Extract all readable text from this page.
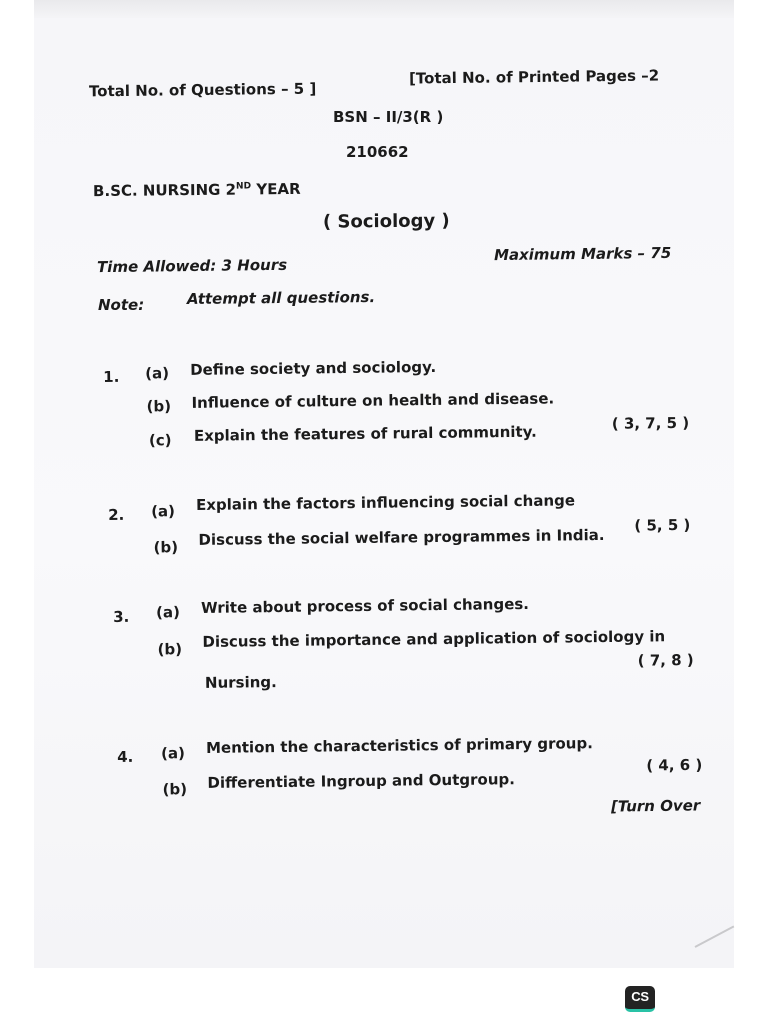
Total No. of Questions – 5 ]
[Total No. of Printed Pages –2
BSN – II/3(R )
210662
B.SC. NURSING 2ND YEAR
( Sociology )
Time Allowed: 3 Hours
Maximum Marks – 75
Note:	Attempt all questions.
1. (a) Define society and sociology.
(b) Influence of culture on health and disease.
(c) Explain the features of rural community.	( 3, 7, 5 )
2. (a) Explain the factors influencing social change
(b) Discuss the social welfare programmes in India.
( 5, 5 )
3. (a) Write about process of social changes.
(b) Discuss the importance and application of sociology in
Nursing.
( 7, 8 )
4. (a) Mention the characteristics of primary group.
(b) Differentiate Ingroup and Outgroup.
( 4, 6 )
[Turn Over
CS
